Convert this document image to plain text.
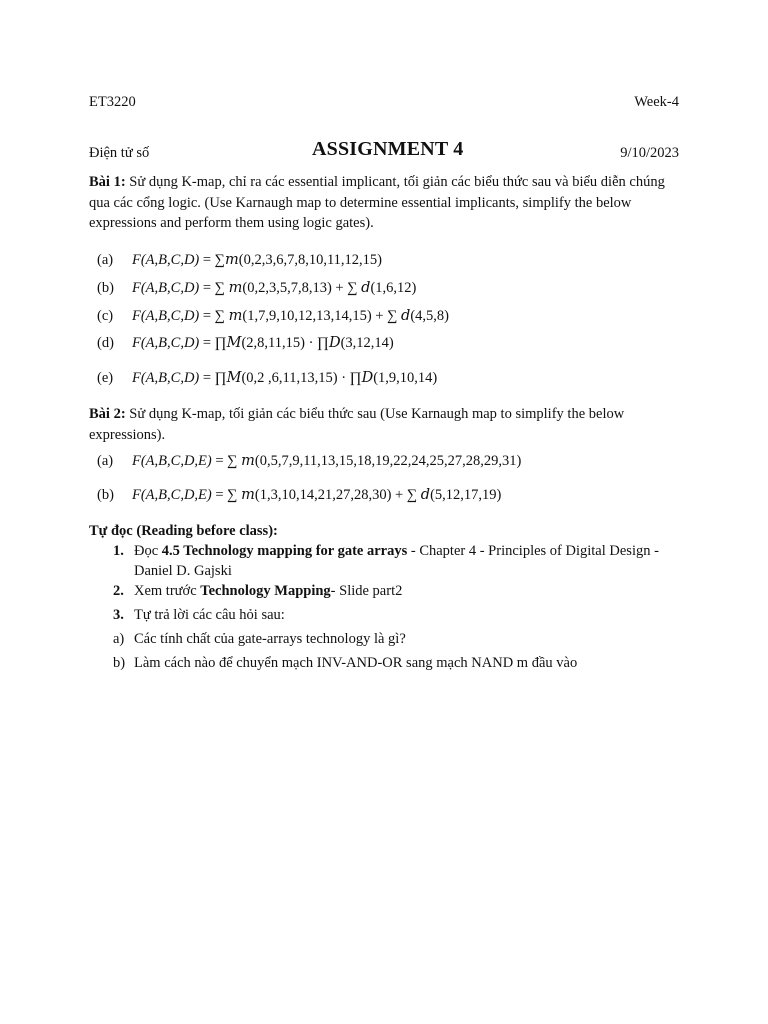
ET3220	Week-4
Điện tử số	ASSIGNMENT 4	9/10/2023
Bài 1: Sử dụng K-map, chỉ ra các essential implicant, tối giản các biểu thức sau và biểu diễn chúng qua các cổng logic. (Use Karnaugh map to determine essential implicants, simplify the below expressions and perform them using logic gates).
(a) F(A,B,C,D) = ∑𝑚(0,2,3,6,7,8,10,11,12,15)
(b) F(A,B,C,D) = ∑ 𝑚(0,2,3,5,7,8,13) + ∑ 𝑑(1,6,12)
(c) F(A,B,C,D) = ∑ 𝑚(1,7,9,10,12,13,14,15) + ∑ 𝑑(4,5,8)
(d) F(A,B,C,D) = ∏𝑀(2,8,11,15) · ∏𝐷(3,12,14)
(e) F(A,B,C,D) = ∏𝑀(0,2 ,6,11,13,15) · ∏𝐷(1,9,10,14)
Bài 2: Sử dụng K-map, tối giản các biểu thức sau (Use Karnaugh map to simplify the below expressions).
(a) F(A,B,C,D,E) = ∑ 𝑚(0,5,7,9,11,13,15,18,19,22,24,25,27,28,29,31)
(b) F(A,B,C,D,E) = ∑ 𝑚(1,3,10,14,21,27,28,30) + ∑ 𝑑(5,12,17,19)
Tự đọc (Reading before class):
1. Đọc 4.5 Technology mapping for gate arrays - Chapter 4 - Principles of Digital Design -
Daniel D. Gajski
2. Xem trước Technology Mapping- Slide part2
3. Tự trả lời các câu hỏi sau:
a) Các tính chất của gate-arrays technology là gì?
b) Làm cách nào để chuyển mạch INV-AND-OR sang mạch NAND m đầu vào
